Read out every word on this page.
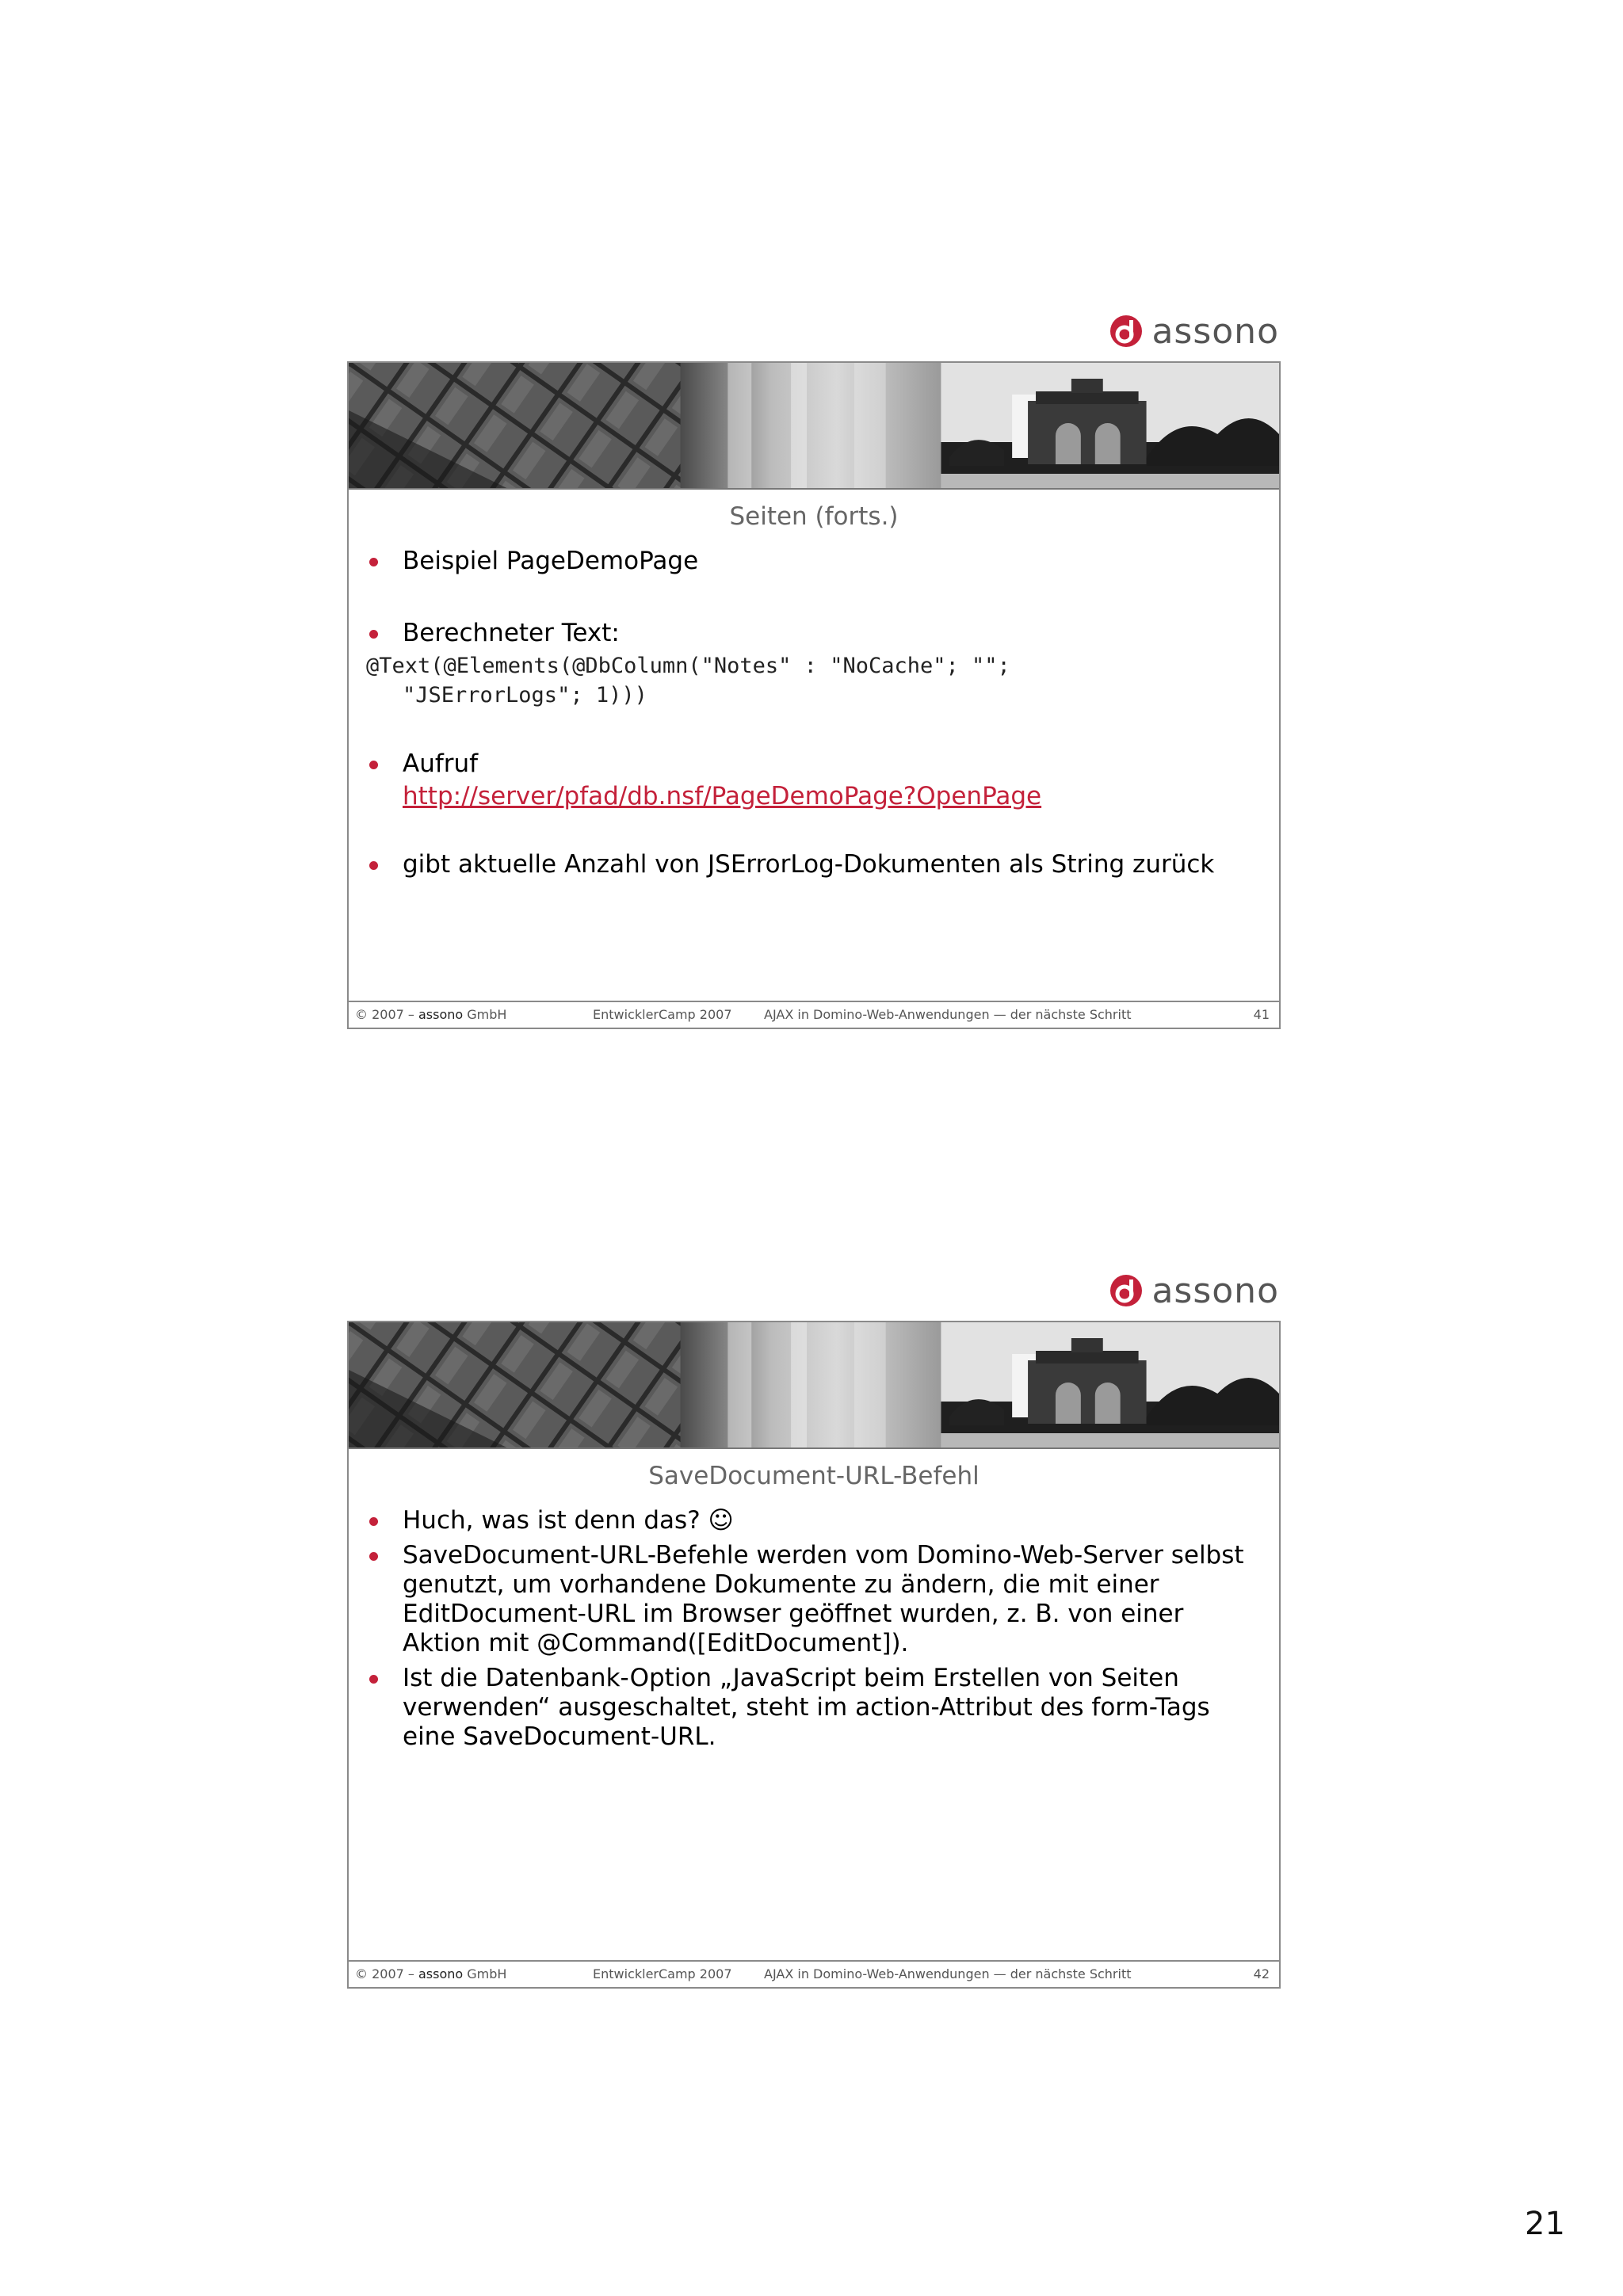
assono
Seiten (forts.)
Beispiel PageDemoPage
Berechneter Text:
@Text(@Elements(@DbColumn("Notes" : "NoCache"; "";
"JSErrorLogs"; 1)))
Aufruf
http://server/pfad/db.nsf/PageDemoPage?OpenPage
gibt aktuelle Anzahl von JSErrorLog-Dokumenten als String zurück
© 2007 – assono GmbH	EntwicklerCamp 2007	AJAX in Domino-Web-Anwendungen — der nächste Schritt	41
assono
SaveDocument-URL-Befehl
Huch, was ist denn das? ☺
SaveDocument-URL-Befehle werden vom Domino-Web-Server selbst genutzt, um vorhandene Dokumente zu ändern, die mit einer EditDocument-URL im Browser geöffnet wurden, z. B. von einer Aktion mit @Command([EditDocument]).
Ist die Datenbank-Option „JavaScript beim Erstellen von Seiten verwenden“ ausgeschaltet, steht im action-Attribut des form-Tags eine SaveDocument-URL.
© 2007 – assono GmbH	EntwicklerCamp 2007	AJAX in Domino-Web-Anwendungen — der nächste Schritt	42
21
